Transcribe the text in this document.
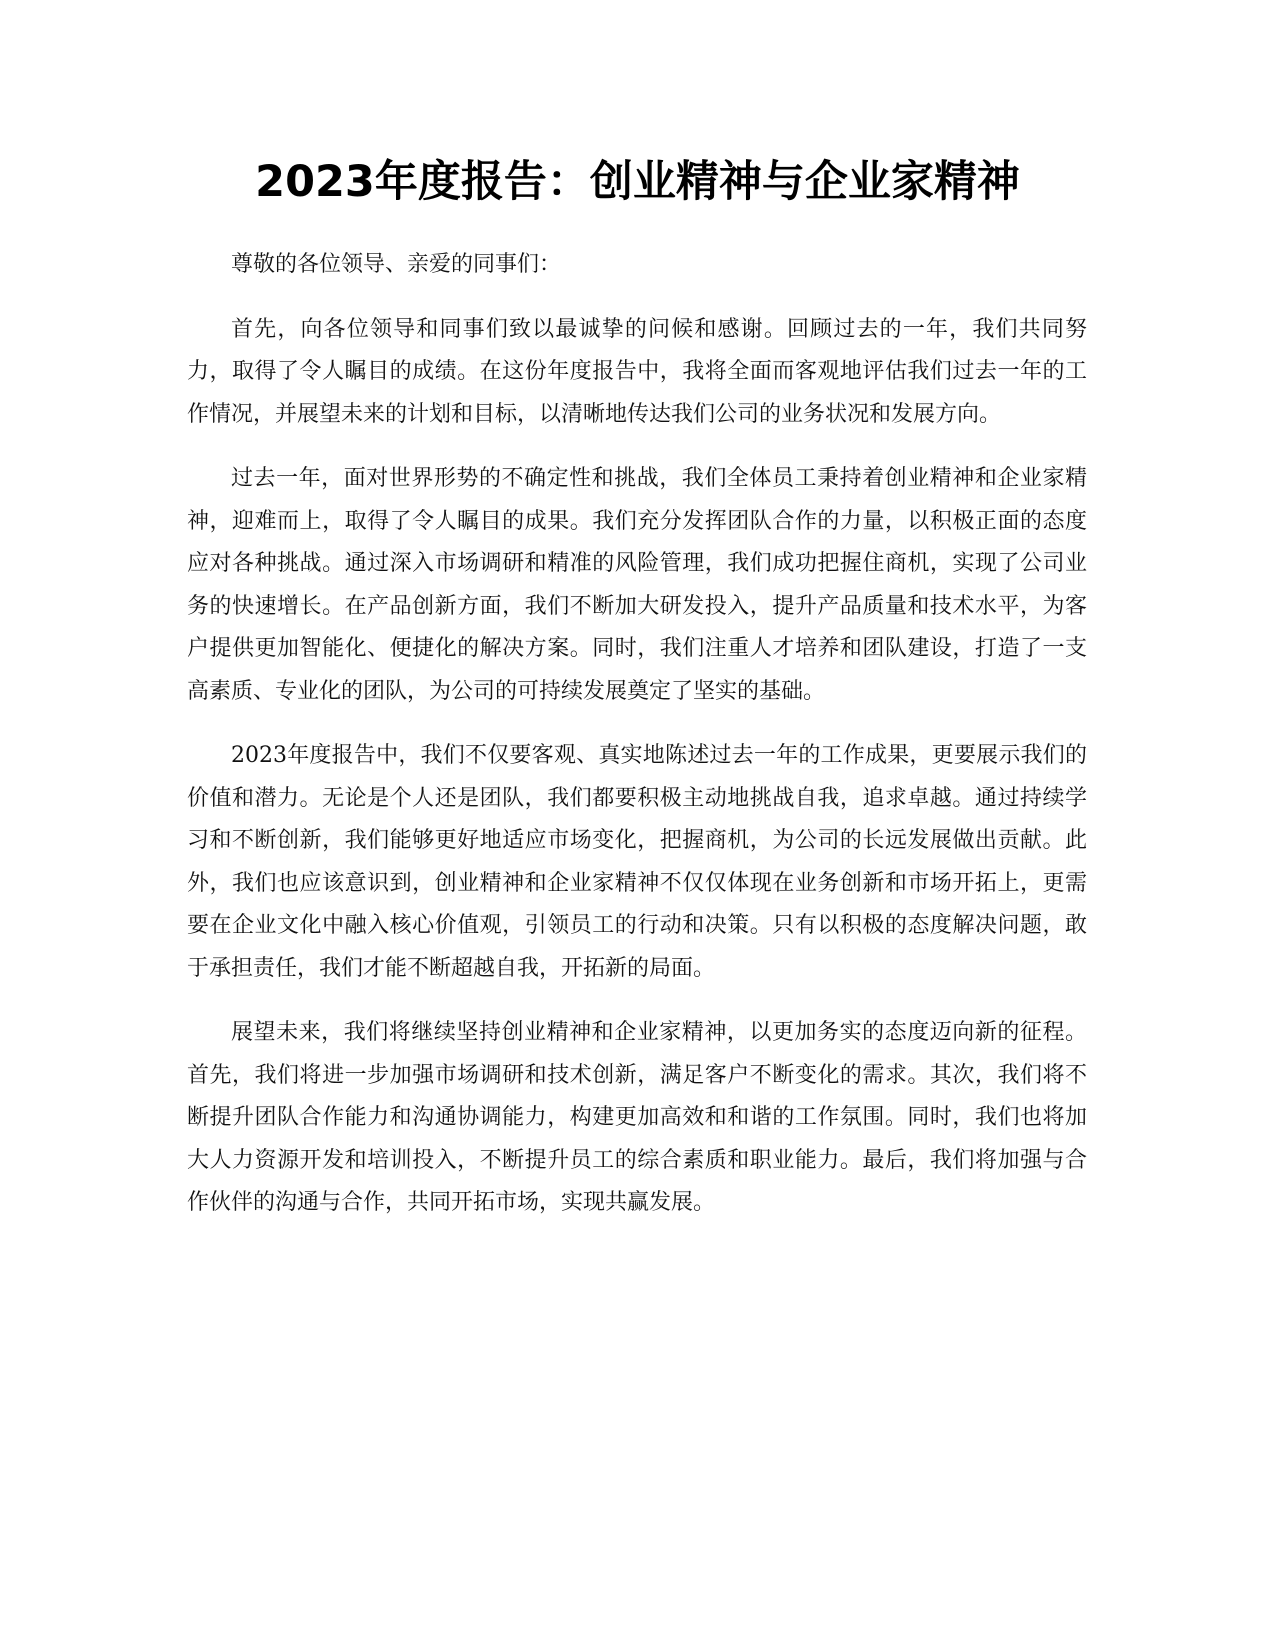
2023年度报告：创业精神与企业家精神

尊敬的各位领导、亲爱的同事们：

首先，向各位领导和同事们致以最诚挚的问候和感谢。回顾过去的一年，我们共同努力，取得了令人瞩目的成绩。在这份年度报告中，我将全面而客观地评估我们过去一年的工作情况，并展望未来的计划和目标，以清晰地传达我们公司的业务状况和发展方向。

过去一年，面对世界形势的不确定性和挑战，我们全体员工秉持着创业精神和企业家精神，迎难而上，取得了令人瞩目的成果。我们充分发挥团队合作的力量，以积极正面的态度应对各种挑战。通过深入市场调研和精准的风险管理，我们成功把握住商机，实现了公司业务的快速增长。在产品创新方面，我们不断加大研发投入，提升产品质量和技术水平，为客户提供更加智能化、便捷化的解决方案。同时，我们注重人才培养和团队建设，打造了一支高素质、专业化的团队，为公司的可持续发展奠定了坚实的基础。

2023年度报告中，我们不仅要客观、真实地陈述过去一年的工作成果，更要展示我们的价值和潜力。无论是个人还是团队，我们都要积极主动地挑战自我，追求卓越。通过持续学习和不断创新，我们能够更好地适应市场变化，把握商机，为公司的长远发展做出贡献。此外，我们也应该意识到，创业精神和企业家精神不仅仅体现在业务创新和市场开拓上，更需要在企业文化中融入核心价值观，引领员工的行动和决策。只有以积极的态度解决问题，敢于承担责任，我们才能不断超越自我，开拓新的局面。

展望未来，我们将继续坚持创业精神和企业家精神，以更加务实的态度迈向新的征程。首先，我们将进一步加强市场调研和技术创新，满足客户不断变化的需求。其次，我们将不断提升团队合作能力和沟通协调能力，构建更加高效和和谐的工作氛围。同时，我们也将加大人力资源开发和培训投入，不断提升员工的综合素质和职业能力。最后，我们将加强与合作伙伴的沟通与合作，共同开拓市场，实现共赢发展。
